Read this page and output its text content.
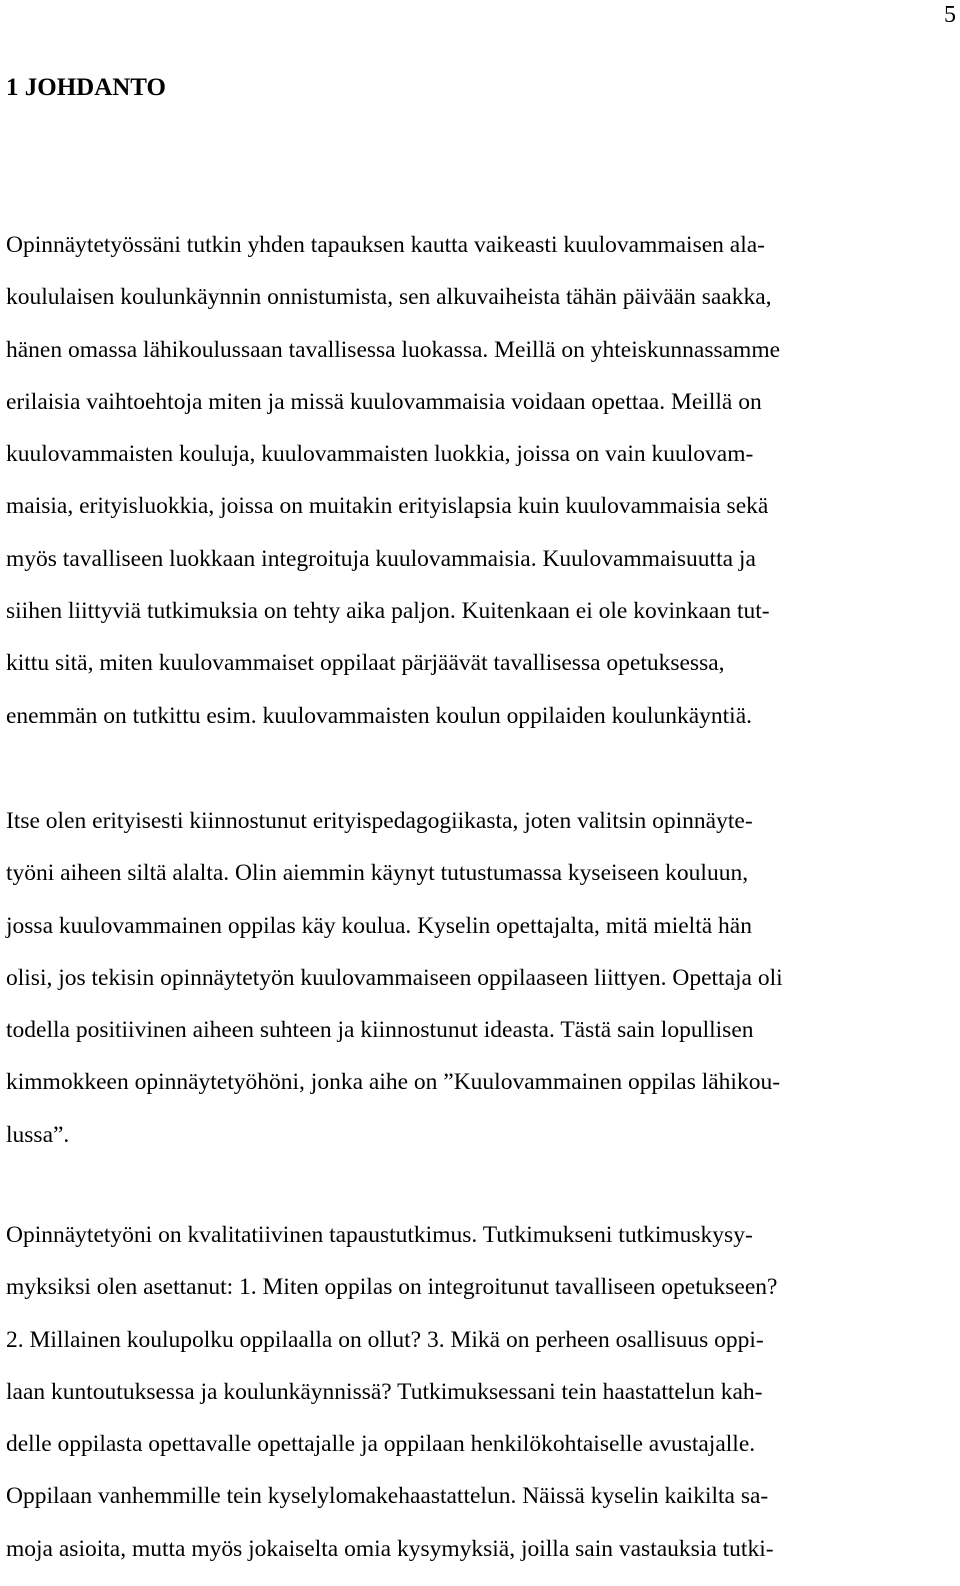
5
1 JOHDANTO

Opinnäytetyössäni tutkin yhden tapauksen kautta vaikeasti kuulovammaisen ala-
koululaisen koulunkäynnin onnistumista, sen alkuvaiheista tähän päivään saakka,
hänen omassa lähikoulussaan tavallisessa luokassa. Meillä on yhteiskunnassamme
erilaisia vaihtoehtoja miten ja missä kuulovammaisia voidaan opettaa. Meillä on
kuulovammaisten kouluja, kuulovammaisten luokkia, joissa on vain kuulovam-
maisia, erityisluokkia, joissa on muitakin erityislapsia kuin kuulovammaisia sekä
myös tavalliseen luokkaan integroituja kuulovammaisia. Kuulovammaisuutta ja
siihen liittyviä tutkimuksia on tehty aika paljon. Kuitenkaan ei ole kovinkaan tut-
kittu sitä, miten kuulovammaiset oppilaat pärjäävät tavallisessa opetuksessa,
enemmän on tutkittu esim. kuulovammaisten koulun oppilaiden koulunkäyntiä.

Itse olen erityisesti kiinnostunut erityispedagogiikasta, joten valitsin opinnäyte-
työni aiheen siltä alalta. Olin aiemmin käynyt tutustumassa kyseiseen kouluun,
jossa kuulovammainen oppilas käy koulua. Kyselin opettajalta, mitä mieltä hän
olisi, jos tekisin opinnäytetyön kuulovammaiseen oppilaaseen liittyen. Opettaja oli
todella positiivinen aiheen suhteen ja kiinnostunut ideasta. Tästä sain lopullisen
kimmokkeen opinnäytetyöhöni, jonka aihe on ”Kuulovammainen oppilas lähikou-
lussa”.

Opinnäytetyöni on kvalitatiivinen tapaustutkimus. Tutkimukseni tutkimuskysy-
myksiksi olen asettanut: 1. Miten oppilas on integroitunut tavalliseen opetukseen?
2. Millainen koulupolku oppilaalla on ollut? 3. Mikä on perheen osallisuus oppi-
laan kuntoutuksessa ja koulunkäynnissä? Tutkimuksessani tein haastattelun kah-
delle oppilasta opettavalle opettajalle ja oppilaan henkilökohtaiselle avustajalle.
Oppilaan vanhemmille tein kyselylomakehaastattelun. Näissä kyselin kaikilta sa-
moja asioita, mutta myös jokaiselta omia kysymyksiä, joilla sain vastauksia tutki-
